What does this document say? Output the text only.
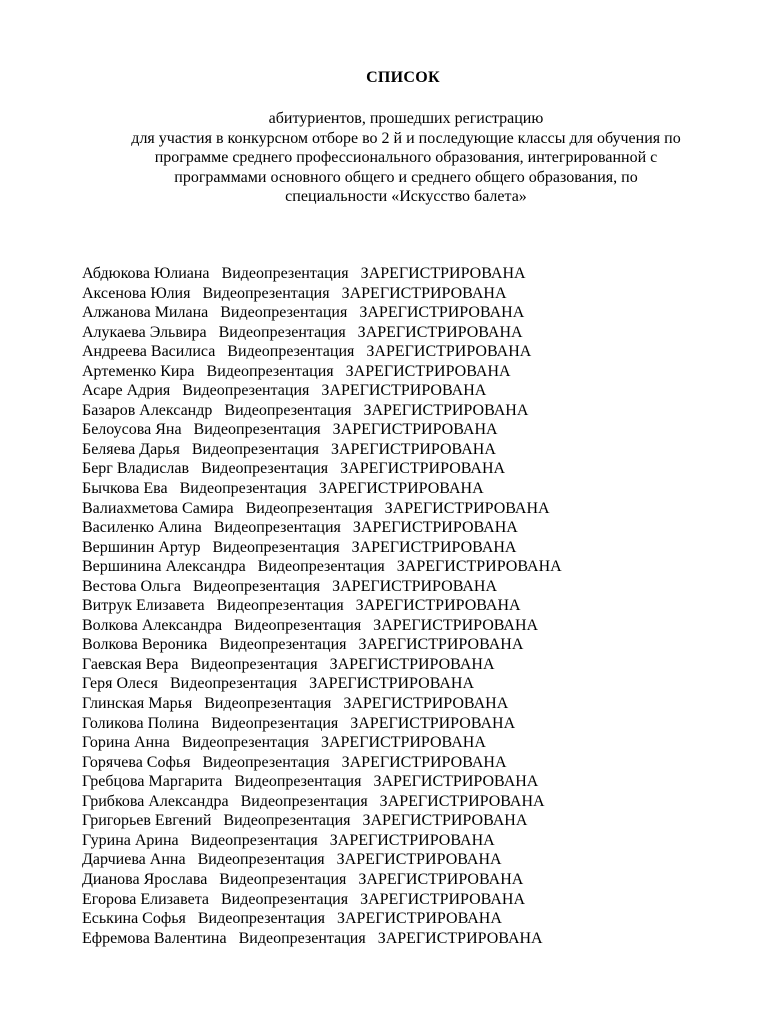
СПИСОК
абитуриентов, прошедших регистрацию
для участия в конкурсном отборе во 2 й и последующие классы для обучения по
программе среднего профессионального образования, интегрированной с
программами основного общего и среднего общего образования, по
специальности «Искусство балета»
Абдюкова Юлиана Видеопрезентация ЗАРЕГИСТРИРОВАНА
Аксенова Юлия Видеопрезентация ЗАРЕГИСТРИРОВАНА
Алжанова Милана Видеопрезентация ЗАРЕГИСТРИРОВАНА
Алукаева Эльвира Видеопрезентация ЗАРЕГИСТРИРОВАНА
Андреева Василиса Видеопрезентация ЗАРЕГИСТРИРОВАНА
Артеменко Кира Видеопрезентация ЗАРЕГИСТРИРОВАНА
Асаре Адрия Видеопрезентация ЗАРЕГИСТРИРОВАНА
Базаров Александр Видеопрезентация ЗАРЕГИСТРИРОВАНА
Белоусова Яна Видеопрезентация ЗАРЕГИСТРИРОВАНА
Беляева Дарья Видеопрезентация ЗАРЕГИСТРИРОВАНА
Берг Владислав Видеопрезентация ЗАРЕГИСТРИРОВАНА
Бычкова Ева Видеопрезентация ЗАРЕГИСТРИРОВАНА
Валиахметова Самира Видеопрезентация ЗАРЕГИСТРИРОВАНА
Василенко Алина Видеопрезентация ЗАРЕГИСТРИРОВАНА
Вершинин Артур Видеопрезентация ЗАРЕГИСТРИРОВАНА
Вершинина Александра Видеопрезентация ЗАРЕГИСТРИРОВАНА
Вестова Ольга Видеопрезентация ЗАРЕГИСТРИРОВАНА
Витрук Елизавета Видеопрезентация ЗАРЕГИСТРИРОВАНА
Волкова Александра Видеопрезентация ЗАРЕГИСТРИРОВАНА
Волкова Вероника Видеопрезентация ЗАРЕГИСТРИРОВАНА
Гаевская Вера Видеопрезентация ЗАРЕГИСТРИРОВАНА
Геря Олеся Видеопрезентация ЗАРЕГИСТРИРОВАНА
Глинская Марья Видеопрезентация ЗАРЕГИСТРИРОВАНА
Голикова Полина Видеопрезентация ЗАРЕГИСТРИРОВАНА
Горина Анна Видеопрезентация ЗАРЕГИСТРИРОВАНА
Горячева Софья Видеопрезентация ЗАРЕГИСТРИРОВАНА
Гребцова Маргарита Видеопрезентация ЗАРЕГИСТРИРОВАНА
Грибкова Александра Видеопрезентация ЗАРЕГИСТРИРОВАНА
Григорьев Евгений Видеопрезентация ЗАРЕГИСТРИРОВАНА
Гурина Арина Видеопрезентация ЗАРЕГИСТРИРОВАНА
Дарчиева Анна Видеопрезентация ЗАРЕГИСТРИРОВАНА
Дианова Ярослава Видеопрезентация ЗАРЕГИСТРИРОВАНА
Егорова Елизавета Видеопрезентация ЗАРЕГИСТРИРОВАНА
Еськина Софья Видеопрезентация ЗАРЕГИСТРИРОВАНА
Ефремова Валентина Видеопрезентация ЗАРЕГИСТРИРОВАНА
